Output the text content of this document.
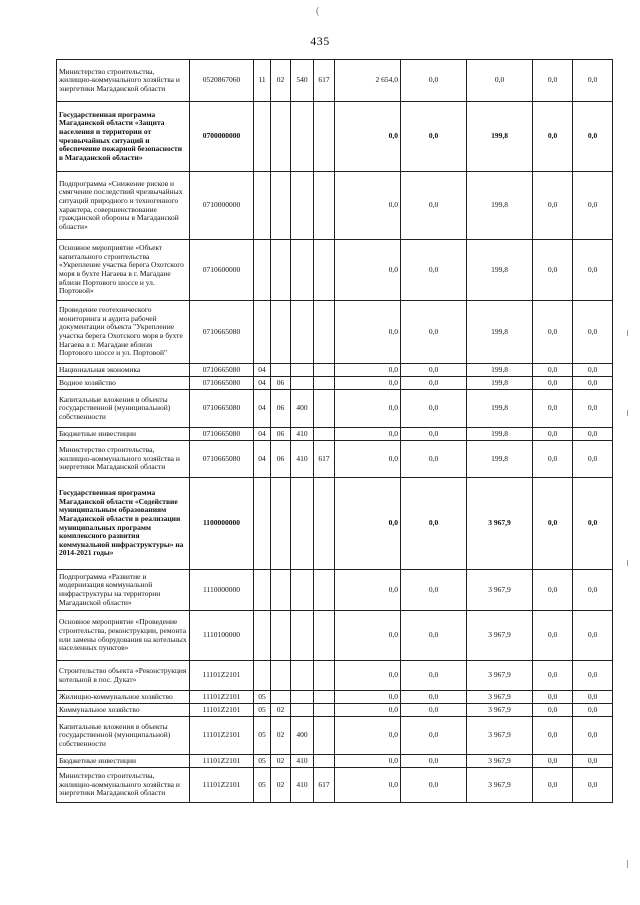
(
435
Министерство строительства, жилищно-коммунального хозяйства и энергетики Магаданской области	0520867060	11	02	540	617	2 654,0	0,0	0,0	0,0	0,0
Государственная программа Магаданской области «Защита населения и территории от чрезвычайных ситуаций и обеспечение пожарной безопасности в Магаданской области»	0700000000					0,0	0,0	199,8	0,0	0,0
Подпрограмма «Снижение рисков и смягчение последствий чрезвычайных ситуаций природного и техногенного характера, совершенствование гражданской обороны в Магаданской области»	0710000000					0,0	0,0	199,8	0,0	0,0
Основное мероприятие «Объект капитального строительства «Укрепление участка берега Охотского моря в бухте Нагаева в г. Магадане вблизи Портового шоссе и ул. Портовой»	0710600000					0,0	0,0	199,8	0,0	0,0
Проведение геотехнического мониторинга и аудита рабочей документации объекта "Укрепление участка берега Охотского моря в бухте Нагаева в г. Магадане вблизи Портового шоссе и ул. Портовой"	0710665080					0,0	0,0	199,8	0,0	0,0
Национальная экономика	0710665080	04				0,0	0,0	199,8	0,0	0,0
Водное хозяйство	0710665080	04	06			0,0	0,0	199,8	0,0	0,0
Капитальные вложения в объекты государственной (муниципальной) собственности	0710665080	04	06	400		0,0	0,0	199,8	0,0	0,0
Бюджетные инвестиции	0710665080	04	06	410		0,0	0,0	199,8	0,0	0,0
Министерство строительства, жилищно-коммунального хозяйства и энергетики Магаданской области	0710665080	04	06	410	617	0,0	0,0	199,8	0,0	0,0
Государственная программа Магаданской области «Содействие муниципальным образованиям Магаданской области в реализации муниципальных программ комплексного развития коммунальной инфраструктуры» на 2014-2021 годы»	1100000000					0,0	0,0	3 967,9	0,0	0,0
Подпрограмма «Развитие и модернизация коммунальной инфраструктуры на территории Магаданской области»	1110000000					0,0	0,0	3 967,9	0,0	0,0
Основное мероприятие «Проведение строительства, реконструкции, ремонта или замены оборудования на котельных населенных пунктов»	1110100000					0,0	0,0	3 967,9	0,0	0,0
Строительство объекта «Реконструкция котельной в пос. Дукат»	11101Z2101					0,0	0,0	3 967,9	0,0	0,0
Жилищно-коммунальное хозяйство	11101Z2101	05				0,0	0,0	3 967,9	0,0	0,0
Коммунальное хозяйство	11101Z2101	05	02			0,0	0,0	3 967,9	0,0	0,0
Капитальные вложения в объекты государственной (муниципальной) собственности	11101Z2101	05	02	400		0,0	0,0	3 967,9	0,0	0,0
Бюджетные инвестиции	11101Z2101	05	02	410		0,0	0,0	3 967,9	0,0	0,0
Министерство строительства, жилищно-коммунального хозяйства и энергетики Магаданской области	11101Z2101	05	02	410	617	0,0	0,0	3 967,9	0,0	0,0
